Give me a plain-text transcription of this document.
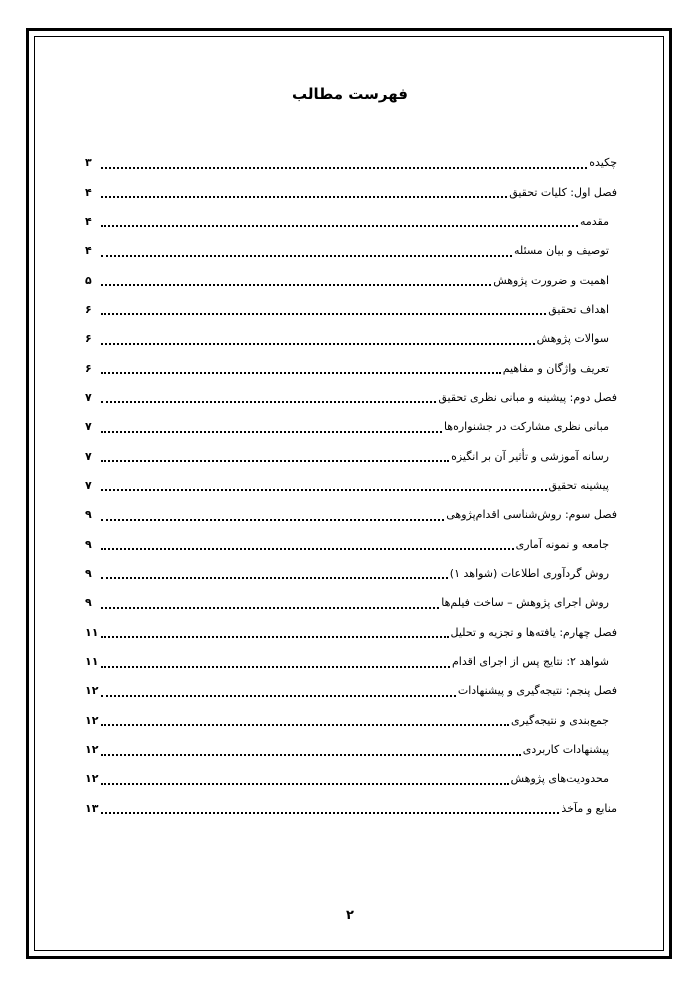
فهرست مطالب
چکیده
۳
فصل اول: کلیات تحقیق
۴
مقدمه
۴
توصیف و بیان مسئله
۴
اهمیت و ضرورت پژوهش
۵
اهداف تحقیق
۶
سوالات پژوهش
۶
تعریف واژگان و مفاهیم
۶
فصل دوم: پیشینه و مبانی نظری تحقیق
۷
مبانی نظری مشارکت در جشنواره‌ها
۷
رسانه آموزشی و تأثیر آن بر انگیزه
۷
پیشینه تحقیق
۷
فصل سوم: روش‌شناسی اقدام‌پژوهی
۹
جامعه و نمونه آماری
۹
روش گردآوری اطلاعات (شواهد ۱)
۹
روش اجرای پژوهش – ساخت فیلم‌ها
۹
فصل چهارم: یافته‌ها و تجزیه و تحلیل
۱۱
شواهد ۲: نتایج پس از اجرای اقدام
۱۱
فصل پنجم: نتیجه‌گیری و پیشنهادات
۱۲
جمع‌بندی و نتیجه‌گیری
۱۲
پیشنهادات کاربردی
۱۲
محدودیت‌های پژوهش
۱۲
منابع و مآخذ
۱۳
۲
